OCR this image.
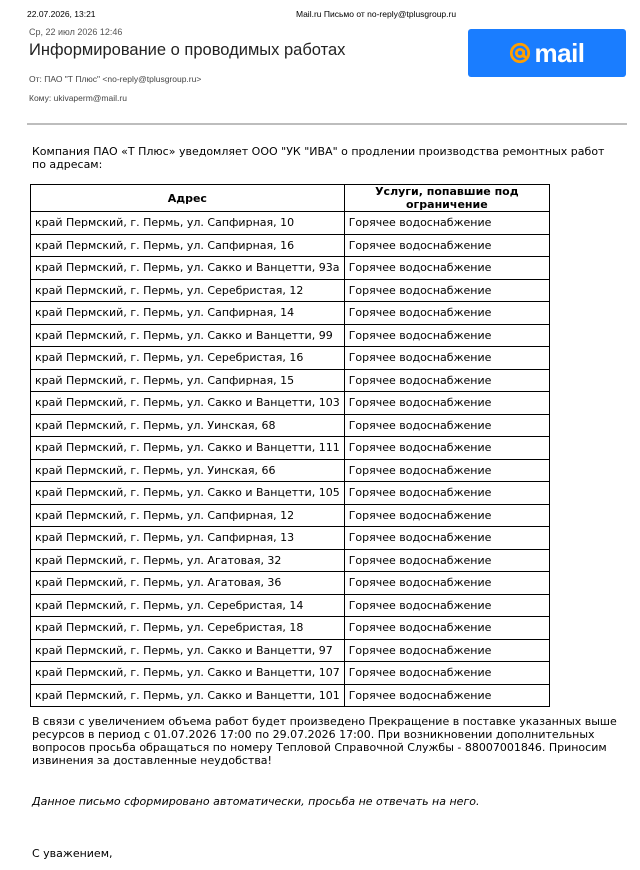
22.07.2026, 13:21	Mail.ru Письмо от no-reply@tplusgroup.ru
Ср, 22 июл 2026 12:46
Информирование о проводимых работах
От: ПАО "Т Плюс" <no-reply@tplusgroup.ru>
Кому: ukivaperm@mail.ru
mail
Компания ПАО «Т Плюс» уведомляет ООО "УК "ИВА" о продлении производства ремонтных работ по адресам:
Адрес	Услуги, попавшие под ограничение
край Пермский, г. Пермь, ул. Сапфирная, 10	Горячее водоснабжение
край Пермский, г. Пермь, ул. Сапфирная, 16	Горячее водоснабжение
край Пермский, г. Пермь, ул. Сакко и Ванцетти, 93а	Горячее водоснабжение
край Пермский, г. Пермь, ул. Серебристая, 12	Горячее водоснабжение
край Пермский, г. Пермь, ул. Сапфирная, 14	Горячее водоснабжение
край Пермский, г. Пермь, ул. Сакко и Ванцетти, 99	Горячее водоснабжение
край Пермский, г. Пермь, ул. Серебристая, 16	Горячее водоснабжение
край Пермский, г. Пермь, ул. Сапфирная, 15	Горячее водоснабжение
край Пермский, г. Пермь, ул. Сакко и Ванцетти, 103	Горячее водоснабжение
край Пермский, г. Пермь, ул. Уинская, 68	Горячее водоснабжение
край Пермский, г. Пермь, ул. Сакко и Ванцетти, 111	Горячее водоснабжение
край Пермский, г. Пермь, ул. Уинская, 66	Горячее водоснабжение
край Пермский, г. Пермь, ул. Сакко и Ванцетти, 105	Горячее водоснабжение
край Пермский, г. Пермь, ул. Сапфирная, 12	Горячее водоснабжение
край Пермский, г. Пермь, ул. Сапфирная, 13	Горячее водоснабжение
край Пермский, г. Пермь, ул. Агатовая, 32	Горячее водоснабжение
край Пермский, г. Пермь, ул. Агатовая, 36	Горячее водоснабжение
край Пермский, г. Пермь, ул. Серебристая, 14	Горячее водоснабжение
край Пермский, г. Пермь, ул. Серебристая, 18	Горячее водоснабжение
край Пермский, г. Пермь, ул. Сакко и Ванцетти, 97	Горячее водоснабжение
край Пермский, г. Пермь, ул. Сакко и Ванцетти, 107	Горячее водоснабжение
край Пермский, г. Пермь, ул. Сакко и Ванцетти, 101	Горячее водоснабжение
В связи с увеличением объема работ будет произведено Прекращение в поставке указанных выше ресурсов в период с 01.07.2026 17:00 по 29.07.2026 17:00. При возникновении дополнительных вопросов просьба обращаться по номеру Тепловой Справочной Службы - 88007001846. Приносим извинения за доставленные неудобства!
Данное письмо сформировано автоматически, просьба не отвечать на него.
С уважением,
